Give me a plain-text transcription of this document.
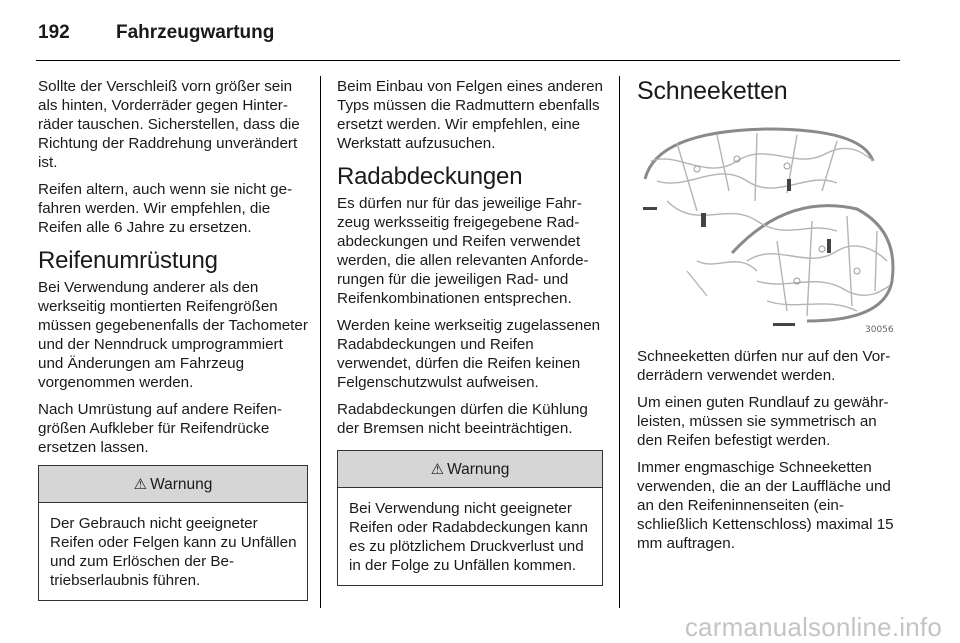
192	Fahrzeugwartung

Sollte der Verschleiß vorn größer sein als hinten, Vorderräder gegen Hinterräder tauschen. Sicherstellen, dass die Richtung der Raddrehung unverändert ist.

Reifen altern, auch wenn sie nicht gefahren werden. Wir empfehlen, die Reifen alle 6 Jahre zu ersetzen.

Reifenumrüstung

Bei Verwendung anderer als den werkseitig montierten Reifengrößen müssen gegebenenfalls der Tachometer und der Nenndruck umprogrammiert und Änderungen am Fahrzeug vorgenommen werden.

Nach Umrüstung auf andere Reifengrößen Aufkleber für Reifendrücke ersetzen lassen.

⚠ Warnung
Der Gebrauch nicht geeigneter Reifen oder Felgen kann zu Unfällen und zum Erlöschen der Betriebserlaubnis führen.

Beim Einbau von Felgen eines anderen Typs müssen die Radmuttern ebenfalls ersetzt werden. Wir empfehlen, eine Werkstatt aufzusuchen.

Radabdeckungen

Es dürfen nur für das jeweilige Fahrzeug werksseitig freigegebene Radabdeckungen und Reifen verwendet werden, die allen relevanten Anforderungen für die jeweiligen Rad- und Reifenkombinationen entsprechen.

Werden keine werkseitig zugelassenen Radabdeckungen und Reifen verwendet, dürfen die Reifen keinen Felgenschutzwulst aufweisen.

Radabdeckungen dürfen die Kühlung der Bremsen nicht beeinträchtigen.

⚠ Warnung
Bei Verwendung nicht geeigneter Reifen oder Radabdeckungen kann es zu plötzlichem Druckverlust und in der Folge zu Unfällen kommen.
Schneeketten
30056

Schneeketten dürfen nur auf den Vorderrädern verwendet werden.

Um einen guten Rundlauf zu gewährleisten, müssen sie symmetrisch an den Reifen befestigt werden.

Immer engmaschige Schneeketten verwenden, die an der Lauffläche und an den Reifeninnenseiten (einschließlich Kettenschloss) maximal 15 mm auftragen.

carmanualsonline.info
